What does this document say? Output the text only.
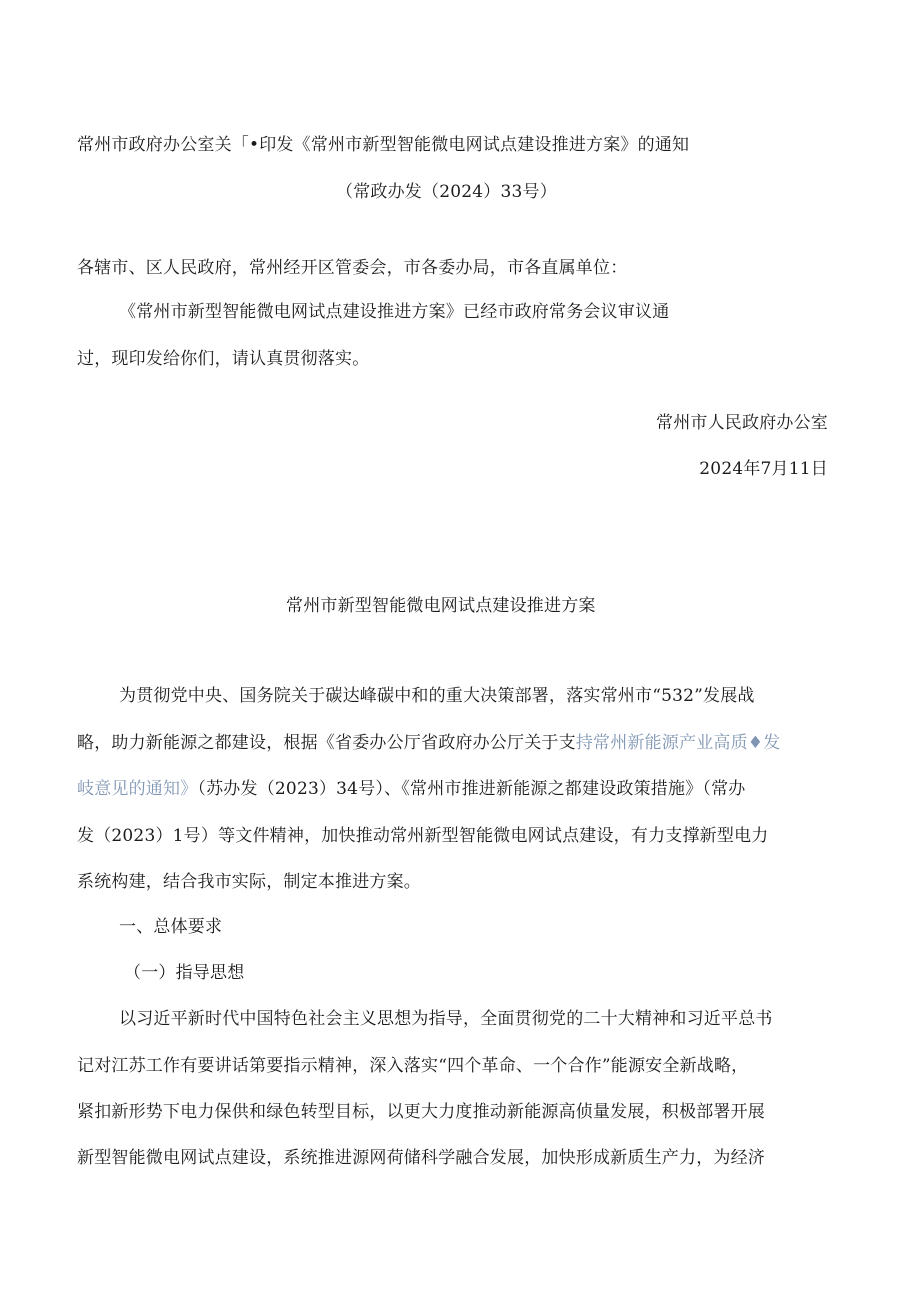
常州市政府办公室关「•印发《常州市新型智能微电网试点建设推进方案》的通知
（常政办发（2024）33号）
各辖市、区人民政府，常州经开区管委会，市各委办局，市各直属单位：
《常州市新型智能微电网试点建设推进方案》已经市政府常务会议审议通
过，现印发给你们，请认真贯彻落实。
常州市人民政府办公室
2024年7月11日
常州市新型智能微电网试点建设推进方案
为贯彻党中央、国务院关于碳达峰碳中和的重大决策部署，落实常州市“532”发展战
略，助力新能源之都建设，根据《省委办公厅省政府办公厅关于支持常州新能源产业高质♦发
岐意见的通知》（苏办发（2023）34号）、《常州市推进新能源之都建设政策措施》（常办
发（2023）1号）等文件精神，加快推动常州新型智能微电网试点建设，有力支撑新型电力
系统构建，结合我市实际，制定本推进方案。
一、总体要求
（一）指导思想
以习近平新时代中国特色社会主义思想为指导，全面贯彻党的二十大精神和习近平总书
记对江苏工作有要讲话第要指示精神，深入落实“四个革命、一个合作”能源安全新战略，
紧扣新形势下电力保供和绿色转型目标，以更大力度推动新能源高侦量发展，积极部署开展
新型智能微电网试点建设，系统推进源网荷储科学融合发展，加快形成新质生产力，为经济
